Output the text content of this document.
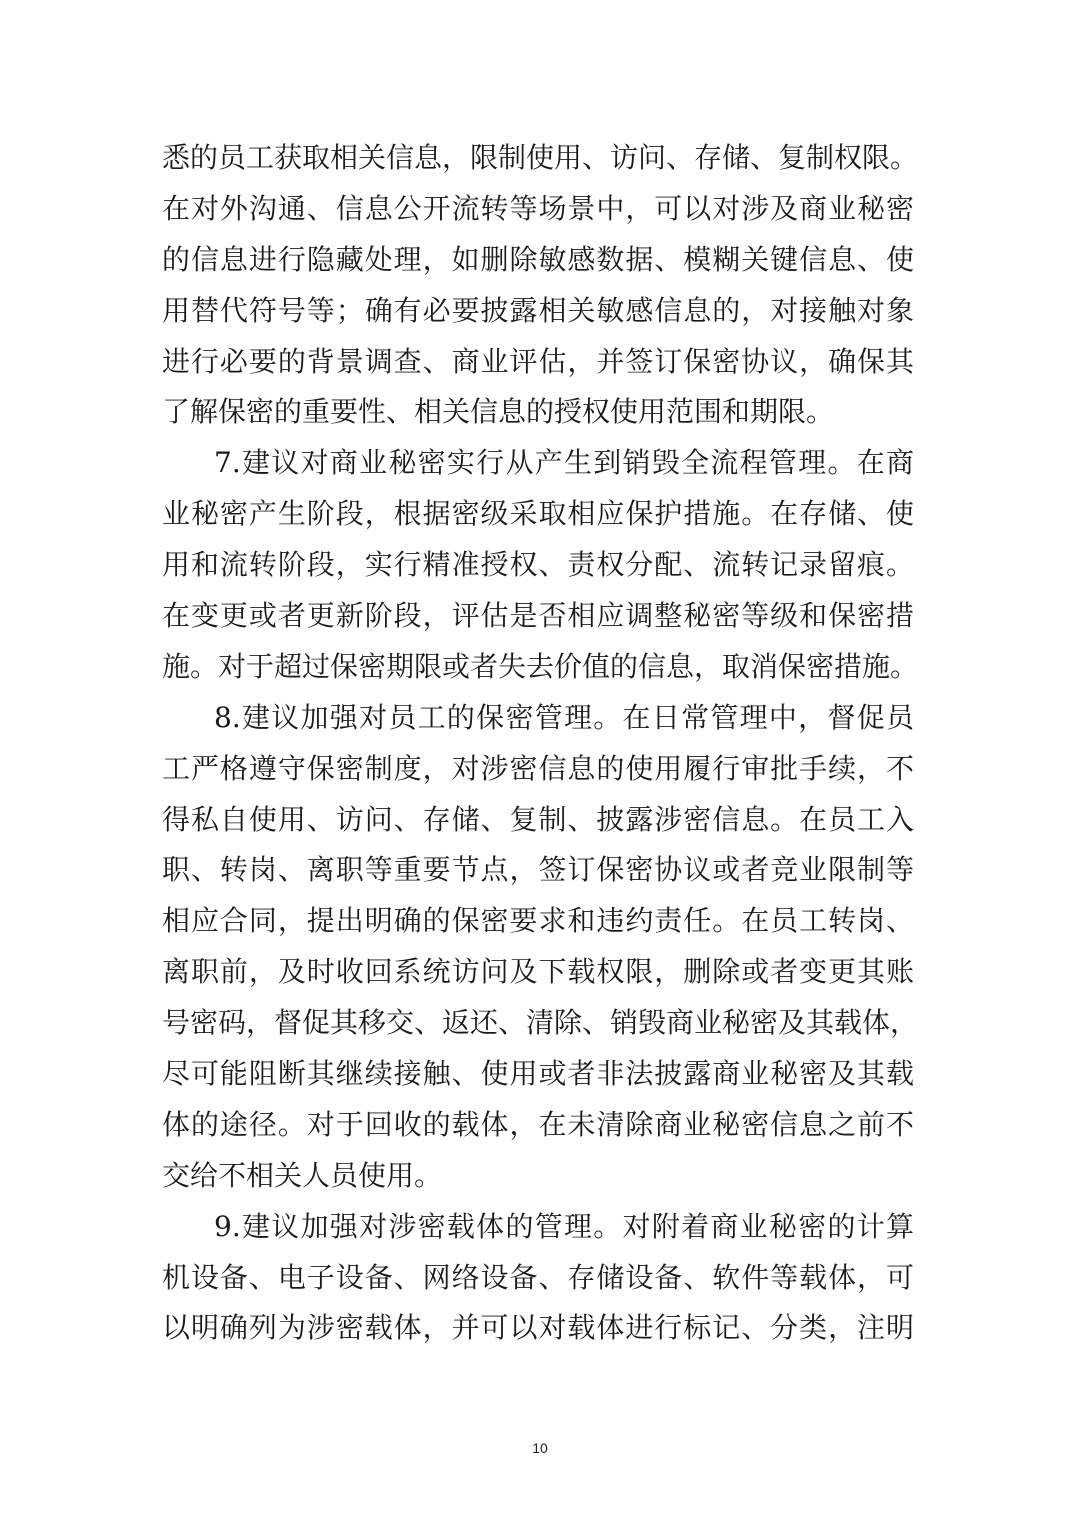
悉的员工获取相关信息，限制使用、访问、存储、复制权限。
在对外沟通、信息公开流转等场景中，可以对涉及商业秘密
的信息进行隐藏处理，如删除敏感数据、模糊关键信息、使
用替代符号等；确有必要披露相关敏感信息的，对接触对象
进行必要的背景调查、商业评估，并签订保密协议，确保其
了解保密的重要性、相关信息的授权使用范围和期限。
7.建议对商业秘密实行从产生到销毁全流程管理。在商
业秘密产生阶段，根据密级采取相应保护措施。在存储、使
用和流转阶段，实行精准授权、责权分配、流转记录留痕。
在变更或者更新阶段，评估是否相应调整秘密等级和保密措
施。对于超过保密期限或者失去价值的信息，取消保密措施。
8.建议加强对员工的保密管理。在日常管理中，督促员
工严格遵守保密制度，对涉密信息的使用履行审批手续，不
得私自使用、访问、存储、复制、披露涉密信息。在员工入
职、转岗、离职等重要节点，签订保密协议或者竞业限制等
相应合同，提出明确的保密要求和违约责任。在员工转岗、
离职前，及时收回系统访问及下载权限，删除或者变更其账
号密码，督促其移交、返还、清除、销毁商业秘密及其载体，
尽可能阻断其继续接触、使用或者非法披露商业秘密及其载
体的途径。对于回收的载体，在未清除商业秘密信息之前不
交给不相关人员使用。
9.建议加强对涉密载体的管理。对附着商业秘密的计算
机设备、电子设备、网络设备、存储设备、软件等载体，可
以明确列为涉密载体，并可以对载体进行标记、分类，注明
10
